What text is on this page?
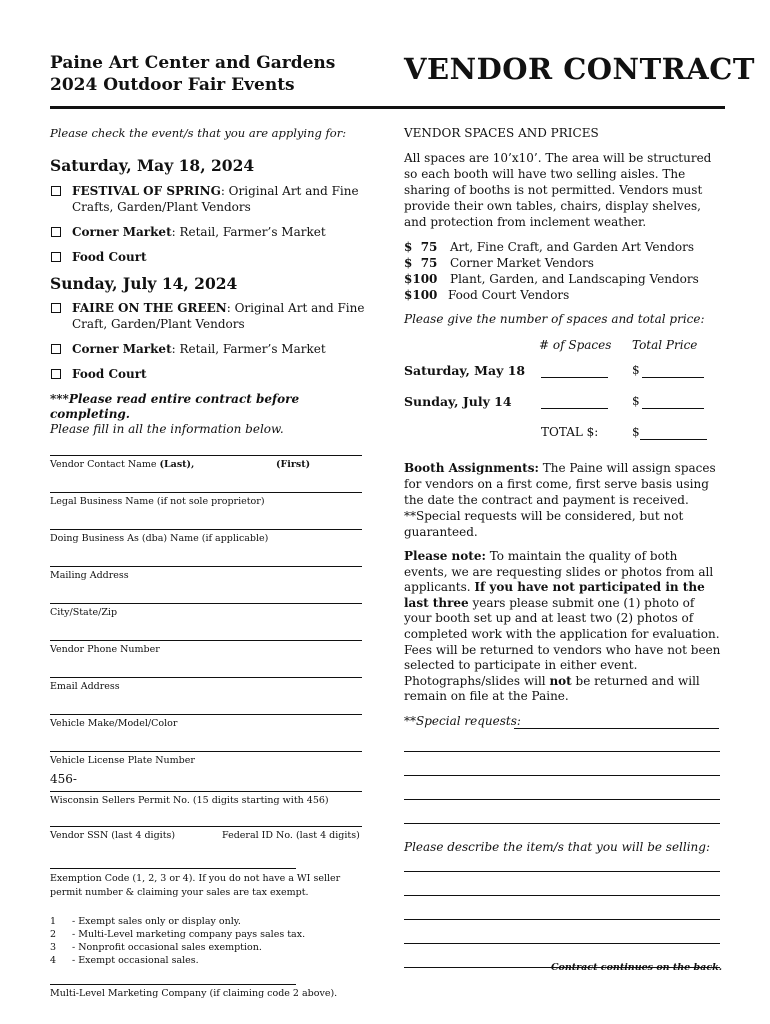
Paine Art Center and Gardens
2024 Outdoor Fair Events	VENDOR CONTRACT
Please check the event/s that you are applying for:
Saturday, May 18, 2024
FESTIVAL OF SPRING: Original Art and Fine Crafts, Garden/Plant Vendors
Corner Market: Retail, Farmer’s Market
Food Court
Sunday, July 14, 2024
FAIRE ON THE GREEN: Original Art and Fine Craft, Garden/Plant Vendors
Corner Market: Retail, Farmer’s Market
Food Court
***Please read entire contract before completing.
Please fill in all the information below.
Vendor Contact Name (Last),	(First)
Legal Business Name (if not sole proprietor)
Doing Business As (dba) Name (if applicable)
Mailing Address
City/State/Zip
Vendor Phone Number
Email Address
Vehicle Make/Model/Color
Vehicle License Plate Number
456-
Wisconsin Sellers Permit No. (15 digits starting with 456)
Vendor SSN (last 4 digits)	Federal ID No. (last 4 digits)
Exemption Code (1, 2, 3 or 4). If you do not have a WI seller permit number & claiming your sales are tax exempt.
1	- Exempt sales only or display only.
2	- Multi-Level marketing company pays sales tax.
3	- Nonprofit occasional sales exemption.
4	- Exempt occasional sales.
Multi-Level Marketing Company (if claiming code 2 above).
VENDOR SPACES AND PRICES
All spaces are 10’x10’. The area will be structured so each booth will have two selling aisles. The sharing of booths is not permitted. Vendors must provide their own tables, chairs, display shelves, and protection from inclement weather.
$  75	Art, Fine Craft, and Garden Art Vendors
$  75	Corner Market Vendors
$100	Plant, Garden, and Landscaping Vendors
$100 Food Court Vendors
Please give the number of spaces and total price:
# of Spaces Total Price
Saturday, May 18	$
Sunday, July 14	$
TOTAL $:	$

Booth Assignments: The Paine will assign spaces for vendors on a first come, first serve basis using the date the contract and payment is received. **Special requests will be considered, but not guaranteed.

Please note: To maintain the quality of both events, we are requesting slides or photos from all applicants. If you have not participated in the last three years please submit one (1) photo of your booth set up and at least two (2) photos of completed work with the application for evaluation. Fees will be returned to vendors who have not been selected to participate in either event. Photographs/slides will not be returned and will remain on file at the Paine.

**Special requests:
Please describe the item/s that you will be selling:
Contract continues on the back.
